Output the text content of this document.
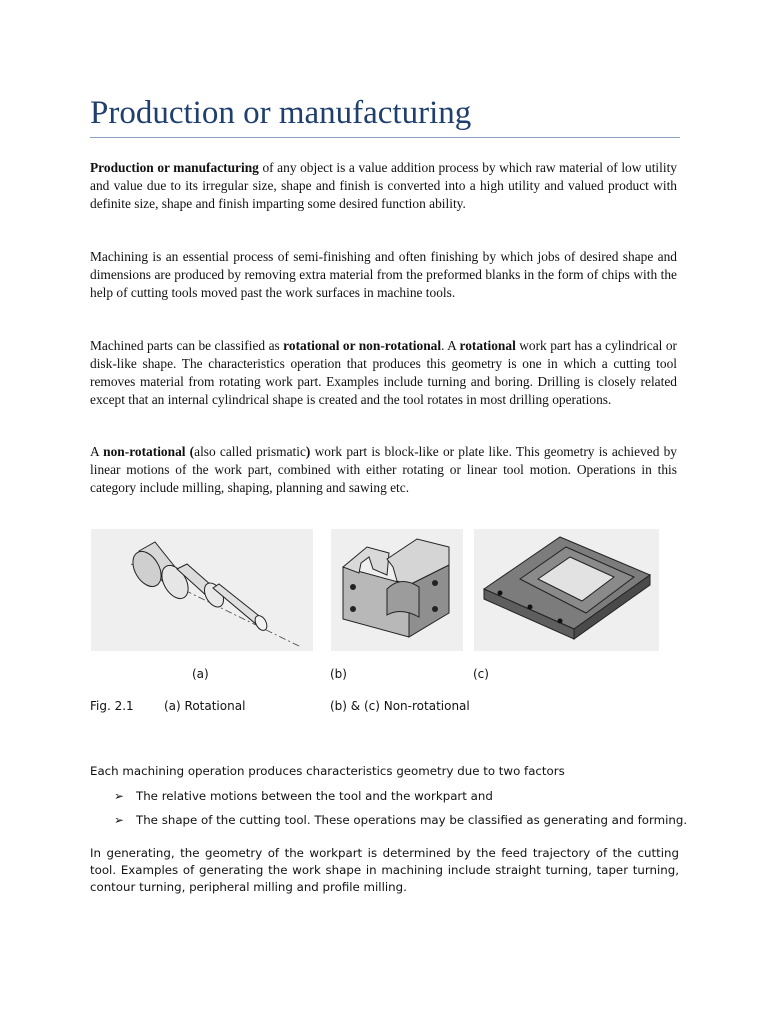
Production or manufacturing

Production or manufacturing of any object is a value addition process by which raw material of low utility and value due to its irregular size, shape and finish is converted into a high utility and valued product with definite size, shape and finish imparting some desired function ability.

Machining is an essential process of semi-finishing and often finishing by which jobs of desired shape and dimensions are produced by removing extra material from the preformed blanks in the form of chips with the help of cutting tools moved past the work surfaces in machine tools.

Machined parts can be classified as rotational or non-rotational. A rotational work part has a cylindrical or disk-like shape. The characteristics operation that produces this geometry is one in which a cutting tool removes material from rotating work part. Examples include turning and boring. Drilling is closely related except that an internal cylindrical shape is created and the tool rotates in most drilling operations.

A non-rotational (also called prismatic) work part is block-like or plate like. This geometry is achieved by linear motions of the work part, combined with either rotating or linear tool motion. Operations in this category include milling, shaping, planning and sawing etc.

(a)	(b)	(c)
Fig. 2.1	(a) Rotational	(b) & (c) Non-rotational

Each machining operation produces characteristics geometry due to two factors

➢ The relative motions between the tool and the workpart and
➢ The shape of the cutting tool. These operations may be classified as generating and forming.

In generating, the geometry of the workpart is determined by the feed trajectory of the cutting tool. Examples of generating the work shape in machining include straight turning, taper turning, contour turning, peripheral milling and profile milling.
